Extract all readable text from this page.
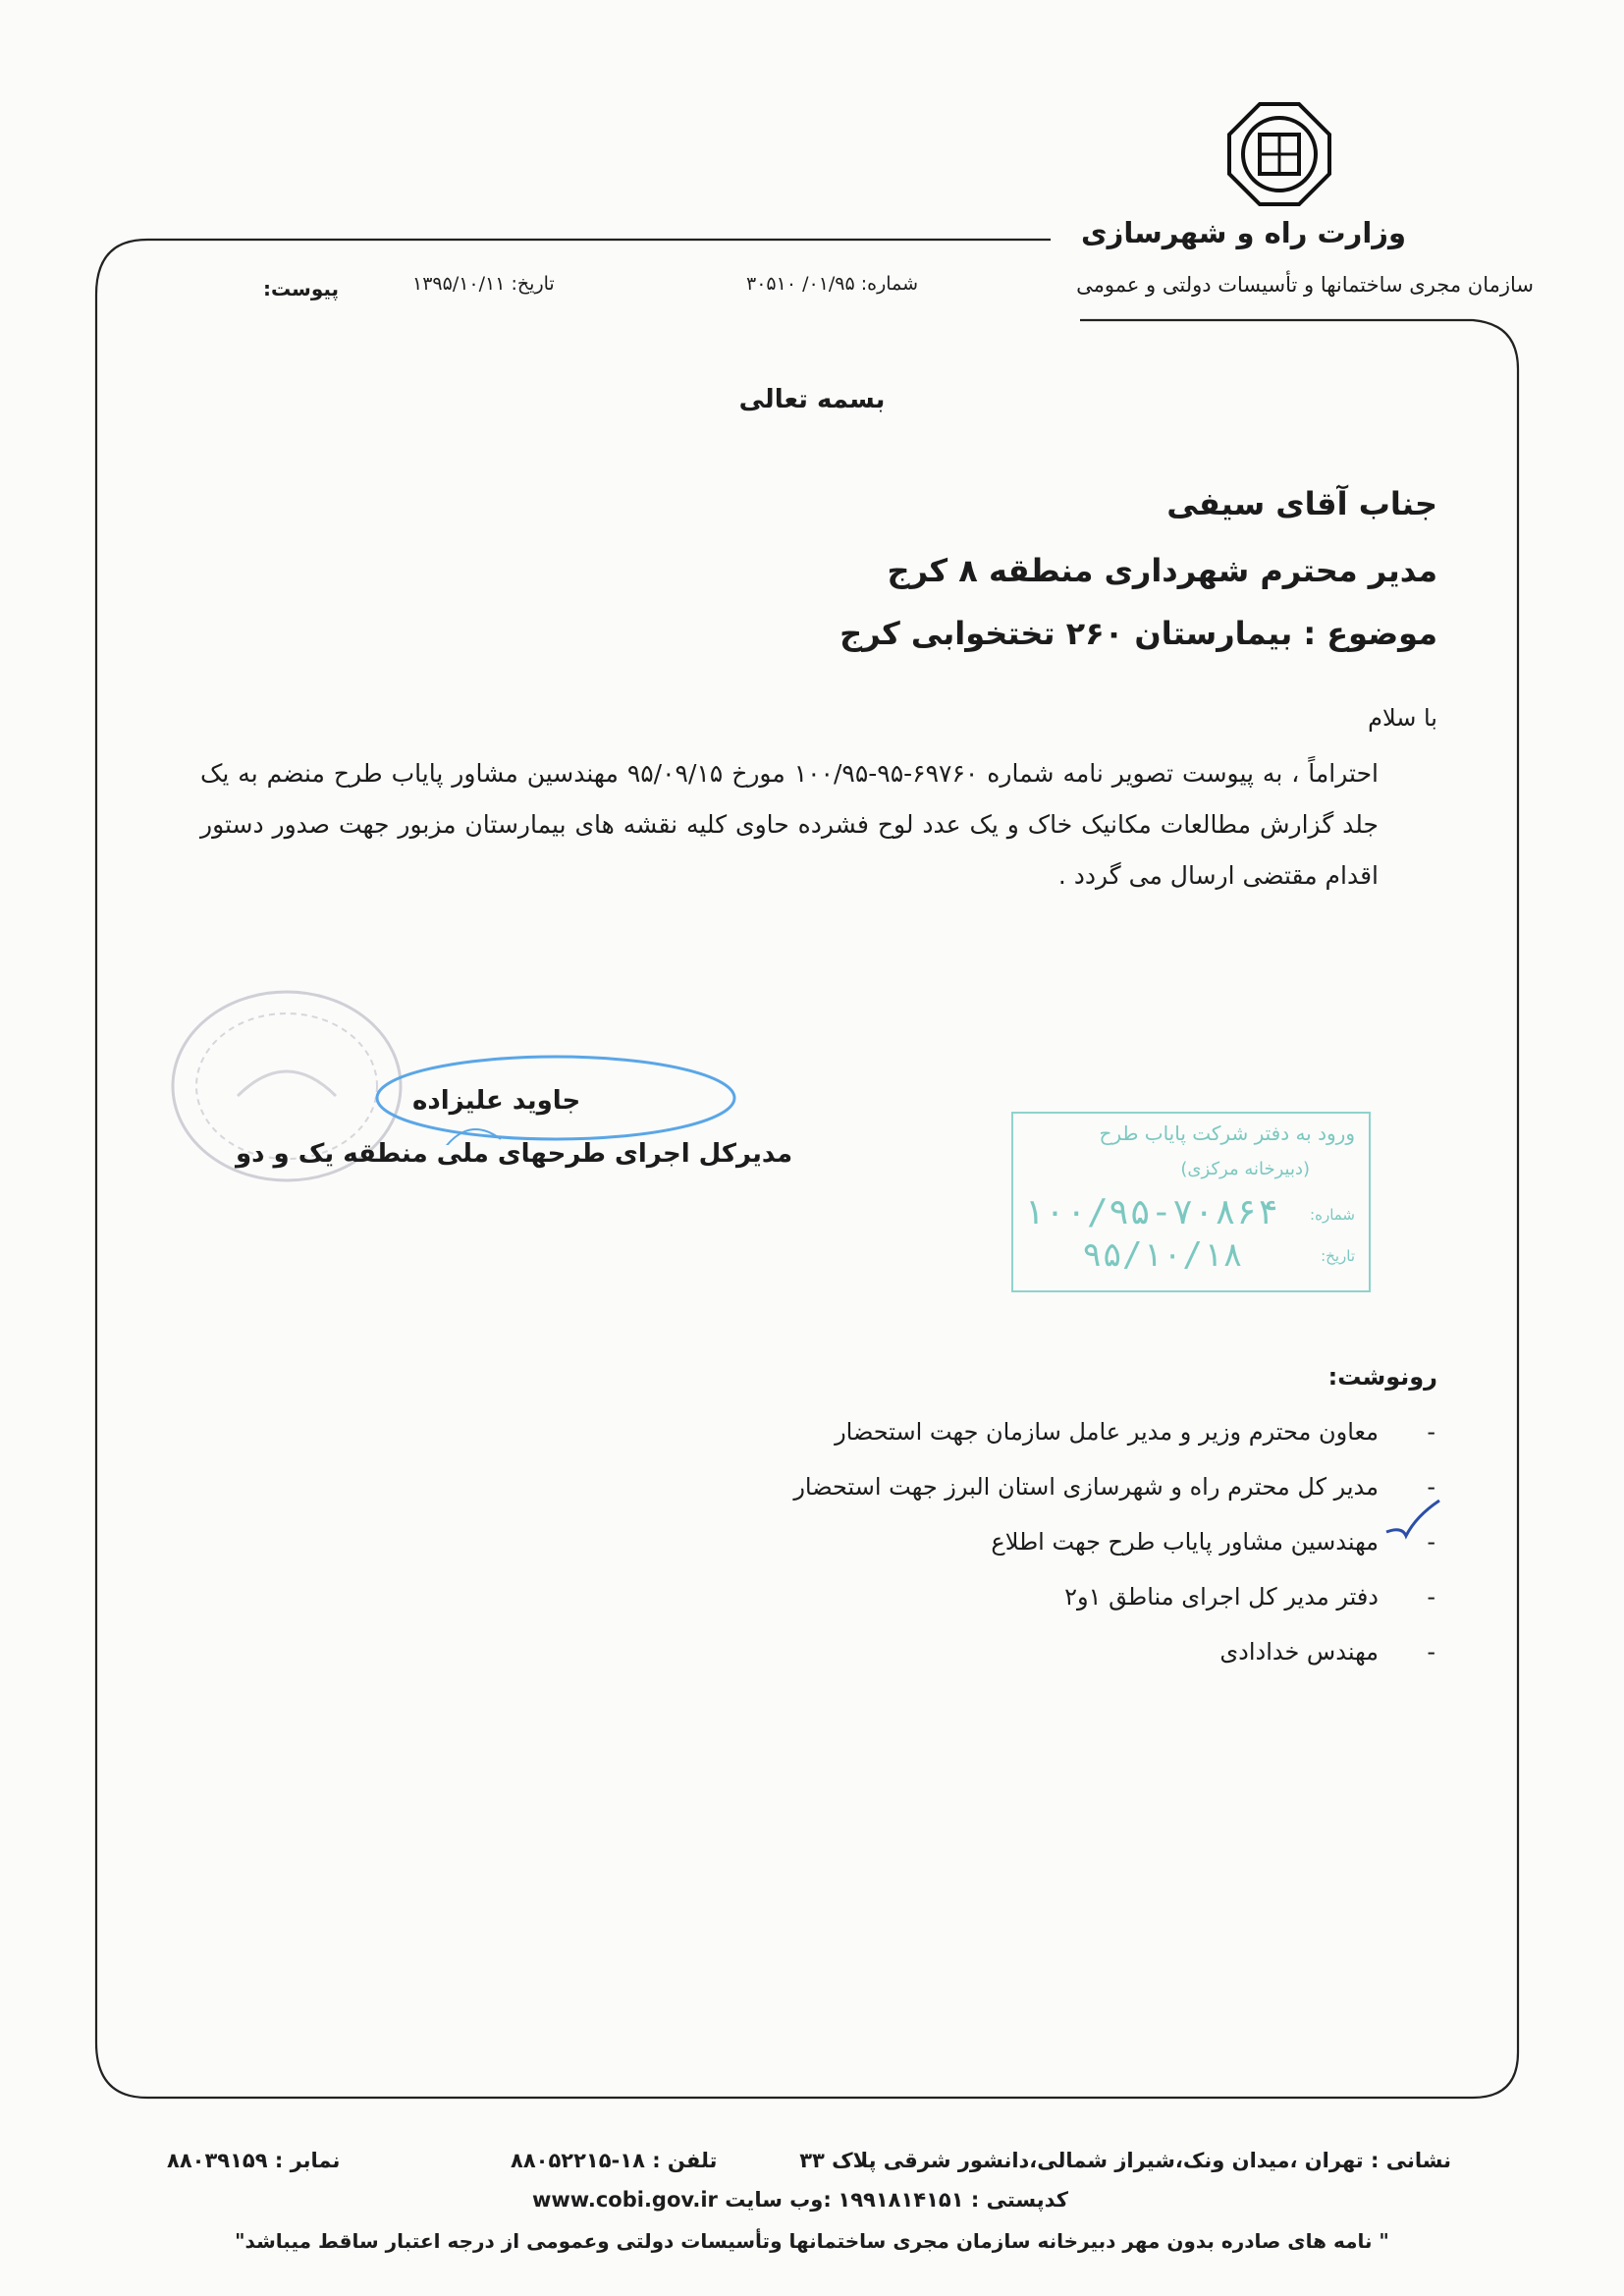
وزارت راه و شهرسازی
سازمان مجری ساختمانها و تأسیسات دولتی و عمومی
شماره: ۰۱/۹۵/ ۳۰۵۱۰
تاریخ: ۱۳۹۵/۱۰/۱۱
پیوست:
بسمه تعالی
جناب آقای سیفی
مدیر محترم شهرداری منطقه ۸ کرج
موضوع : بیمارستان ۲۶۰ تختخوابی کرج
با سلام
احتراماً ، به پیوست تصویر نامه شماره ۶۹۷۶۰-۹۵-۱۰۰/۹۵ مورخ ۹۵/۰۹/۱۵ مهندسین مشاور پایاب طرح منضم به یک جلد گزارش مطالعات مکانیک خاک و یک عدد لوح فشرده حاوی کلیه نقشه های بیمارستان مزبور جهت صدور دستور اقدام مقتضی ارسال می گردد .
جاوید علیزاده
مدیرکل اجرای طرحهای ملی منطقه یک و دو
ورود به دفتر شرکت پایاب طرح
(دبیرخانه مرکزی)
شماره:
تاریخ:
۱۰۰/۹۵-۷۰۸۶۴
۹۵/۱۰/۱۸
رونوشت:
-
معاون محترم وزیر و مدیر عامل سازمان جهت استحضار
-
مدیر کل محترم راه و شهرسازی استان البرز جهت استحضار
-
مهندسین مشاور پایاب طرح جهت اطلاع
-
دفتر مدیر کل اجرای مناطق ۱و۲
-
مهندس خدادادی
نشانی : تهران ،میدان ونک،شیراز شمالی،دانشور شرقی پلاک ۳۳
تلفن : ۱۸-۸۸۰۵۲۲۱۵
نمابر : ۸۸۰۳۹۱۵۹
کدپستی : ۱۹۹۱۸۱۴۱۵۱
www.cobi.gov.ir وب سایت:
" نامه های صادره بدون مهر دبیرخانه سازمان مجری ساختمانها وتأسیسات دولتی وعمومی از درجه اعتبار ساقط میباشد"
